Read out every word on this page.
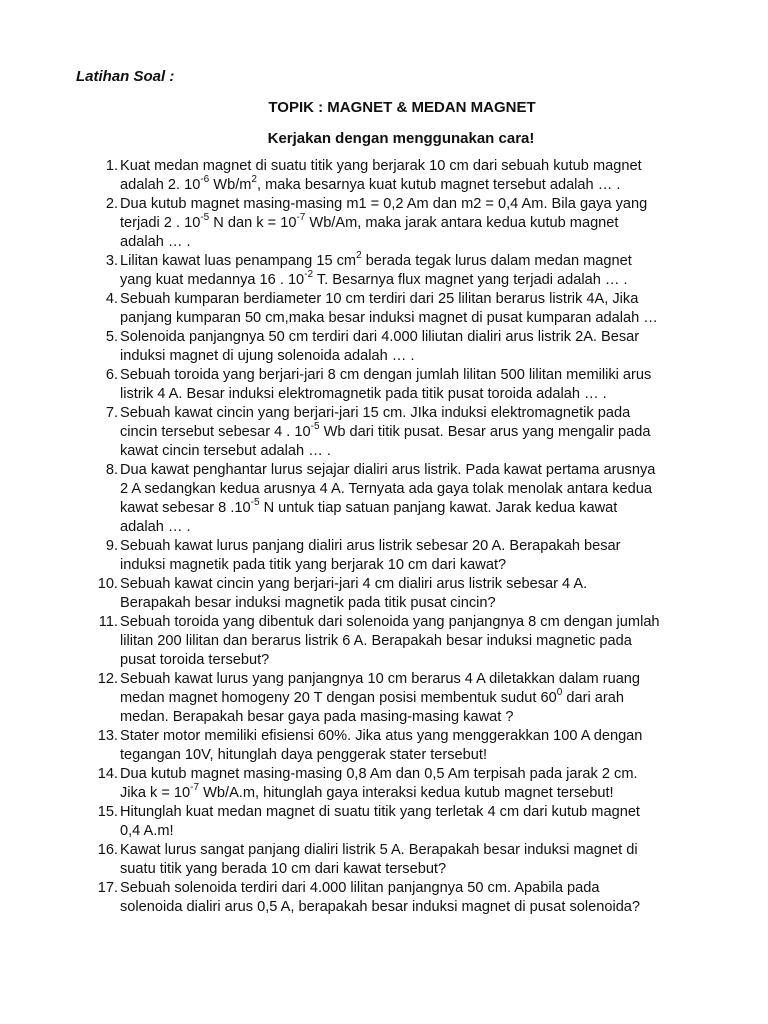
Latihan Soal :
TOPIK : MAGNET & MEDAN MAGNET
Kerjakan dengan menggunakan cara!
1. Kuat medan magnet di suatu titik yang berjarak 10 cm dari sebuah kutub magnet
adalah 2. $10^{-6}$ $Wb/m^2$, maka besarnya kuat kutub magnet tersebut adalah … .
2. Dua kutub magnet masing-masing m1 = 0,2 Am dan m2 = 0,4 Am. Bila gaya yang
terjadi 2 . $10^{-5}$ N dan $k = 10^{-7}$ Wb/Am, maka jarak antara kedua kutub magnet
adalah … .
3. Lilitan kawat luas penampang 15 $cm^2$ berada tegak lurus dalam medan magnet
yang kuat medannya 16 . $10^{-2}$ T. Besarnya flux magnet yang terjadi adalah … .
4. Sebuah kumparan berdiameter 10 cm terdiri dari 25 lilitan berarus listrik 4A, Jika
panjang kumparan 50 cm,maka besar induksi magnet di pusat kumparan adalah …
5. Solenoida panjangnya 50 cm terdiri dari 4.000 liliutan dialiri arus listrik 2A. Besar
induksi magnet di ujung solenoida adalah … .
6. Sebuah toroida yang berjari-jari 8 cm dengan jumlah lilitan 500 lilitan memiliki arus
listrik 4 A. Besar induksi elektromagnetik pada titik pusat toroida adalah … .
7. Sebuah kawat cincin yang berjari-jari 15 cm. JIka induksi elektromagnetik pada
cincin tersebut sebesar 4 . $10^{-5}$ Wb dari titik pusat. Besar arus yang mengalir pada
kawat cincin tersebut adalah … .
8. Dua kawat penghantar lurus sejajar dialiri arus listrik. Pada kawat pertama arusnya
2 A sedangkan kedua arusnya 4 A. Ternyata ada gaya tolak menolak antara kedua
kawat sebesar 8 $.10^{-5}$ N untuk tiap satuan panjang kawat. Jarak kedua kawat
adalah … .
9. Sebuah kawat lurus panjang dialiri arus listrik sebesar 20 A. Berapakah besar
induksi magnetik pada titik yang berjarak 10 cm dari kawat?
10. Sebuah kawat cincin yang berjari-jari 4 cm dialiri arus listrik sebesar 4 A.
Berapakah besar induksi magnetik pada titik pusat cincin?
11. Sebuah toroida yang dibentuk dari solenoida yang panjangnya 8 cm dengan jumlah
lilitan 200 lilitan dan berarus listrik 6 A. Berapakah besar induksi magnetic pada
pusat toroida tersebut?
12. Sebuah kawat lurus yang panjangnya 10 cm berarus 4 A diletakkan dalam ruang
medan magnet homogeny 20 T dengan posisi membentuk sudut $60^0$ dari arah
medan. Berapakah besar gaya pada masing-masing kawat ?
13. Stater motor memiliki efisiensi 60%. Jika atus yang menggerakkan 100 A dengan
tegangan 10V, hitunglah daya penggerak stater tersebut!
14. Dua kutub magnet masing-masing 0,8 Am dan 0,5 Am terpisah pada jarak 2 cm.
Jika $k = 10^{-7}$ Wb/A.m, hitunglah gaya interaksi kedua kutub magnet tersebut!
15. Hitunglah kuat medan magnet di suatu titik yang terletak 4 cm dari kutub magnet
0,4 A.m!
16. Kawat lurus sangat panjang dialiri listrik 5 A. Berapakah besar induksi magnet di
suatu titik yang berada 10 cm dari kawat tersebut?
17. Sebuah solenoida terdiri dari 4.000 lilitan panjangnya 50 cm. Apabila pada
solenoida dialiri arus 0,5 A, berapakah besar induksi magnet di pusat solenoida?
